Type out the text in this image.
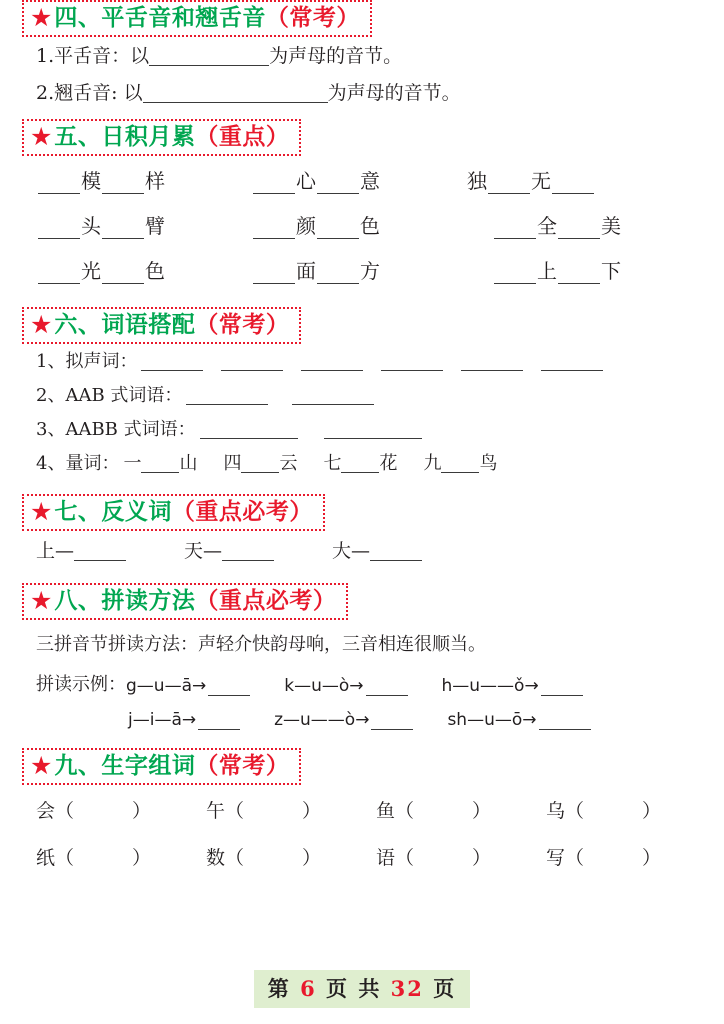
★ 四、平舌音和翘舌音 （常考）
1.平舌音：以	为声母的音节。
2.翘舌音: 以	为声母的音节。
★ 五、日积月累 （重点）
模 样	心 意	独 无
头 臂	颜 色	全 美
光 色	面 方	上 下
★ 六、词语搭配 （常考）
1、拟声词：
2、AAB 式词语：
3、AABB 式词语：
4、量词： 一 山 四 云 七 花 九 鸟
★ 七、反义词 （重点必考）
上—	天—	大—
★ 八、拼读方法 （重点必考）
三拼音节拼读方法：声轻介快韵母响，三音相连很顺当。
拼读示例： g—u—ā→	k—u—ò→	h—u——ǒ→
j—i—ā→	z—u——ò→	sh—u—ō→
★ 九、生字组词 （常考）
会（	）	午（	）	鱼（	）	乌（	）
纸（	）	数（	）	语（	）	写（	）
第 6 页 共 32 页
